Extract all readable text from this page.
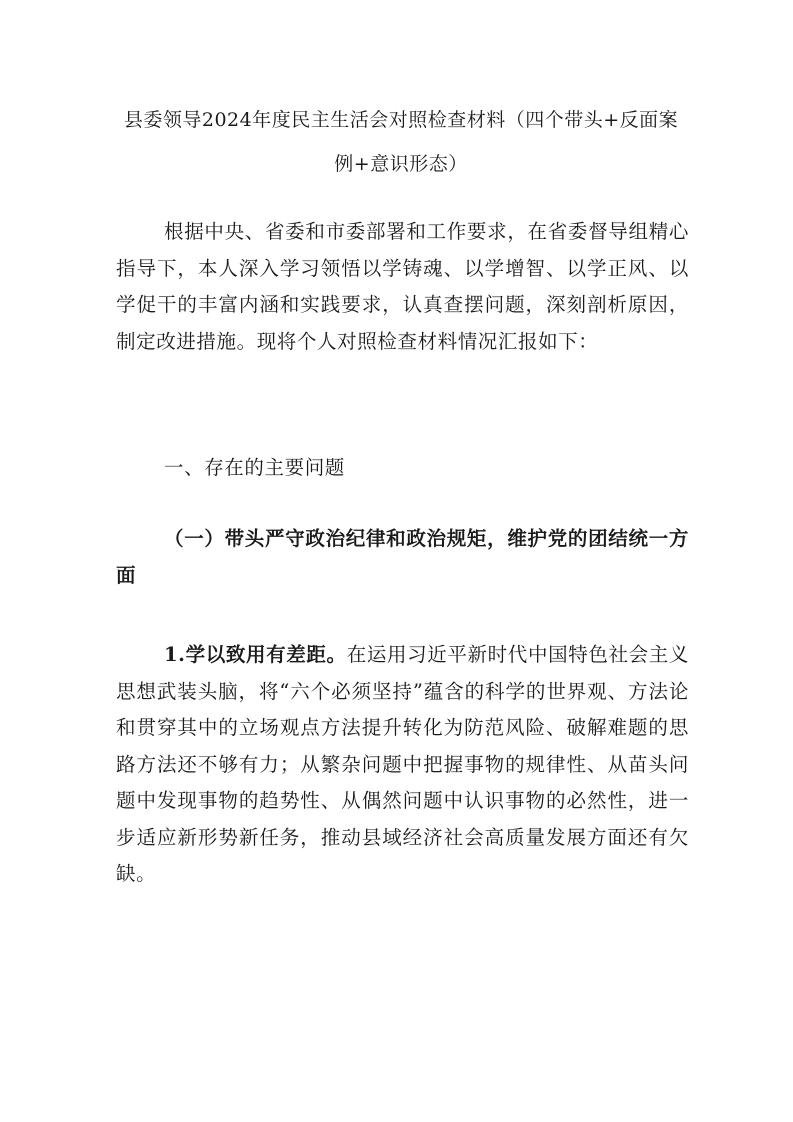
县委领导2024年度民主生活会对照检查材料（四个带头+反面案例+意识形态）
根据中央、省委和市委部署和工作要求，在省委督导组精心指导下，本人深入学习领悟以学铸魂、以学增智、以学正风、以学促干的丰富内涵和实践要求，认真查摆问题，深刻剖析原因，制定改进措施。现将个人对照检查材料情况汇报如下：
一、存在的主要问题
（一）带头严守政治纪律和政治规矩，维护党的团结统一方面
1.学以致用有差距。在运用习近平新时代中国特色社会主义思想武装头脑，将“六个必须坚持”蕴含的科学的世界观、方法论和贯穿其中的立场观点方法提升转化为防范风险、破解难题的思路方法还不够有力；从繁杂问题中把握事物的规律性、从苗头问题中发现事物的趋势性、从偶然问题中认识事物的必然性，进一步适应新形势新任务，推动县域经济社会高质量发展方面还有欠缺。
